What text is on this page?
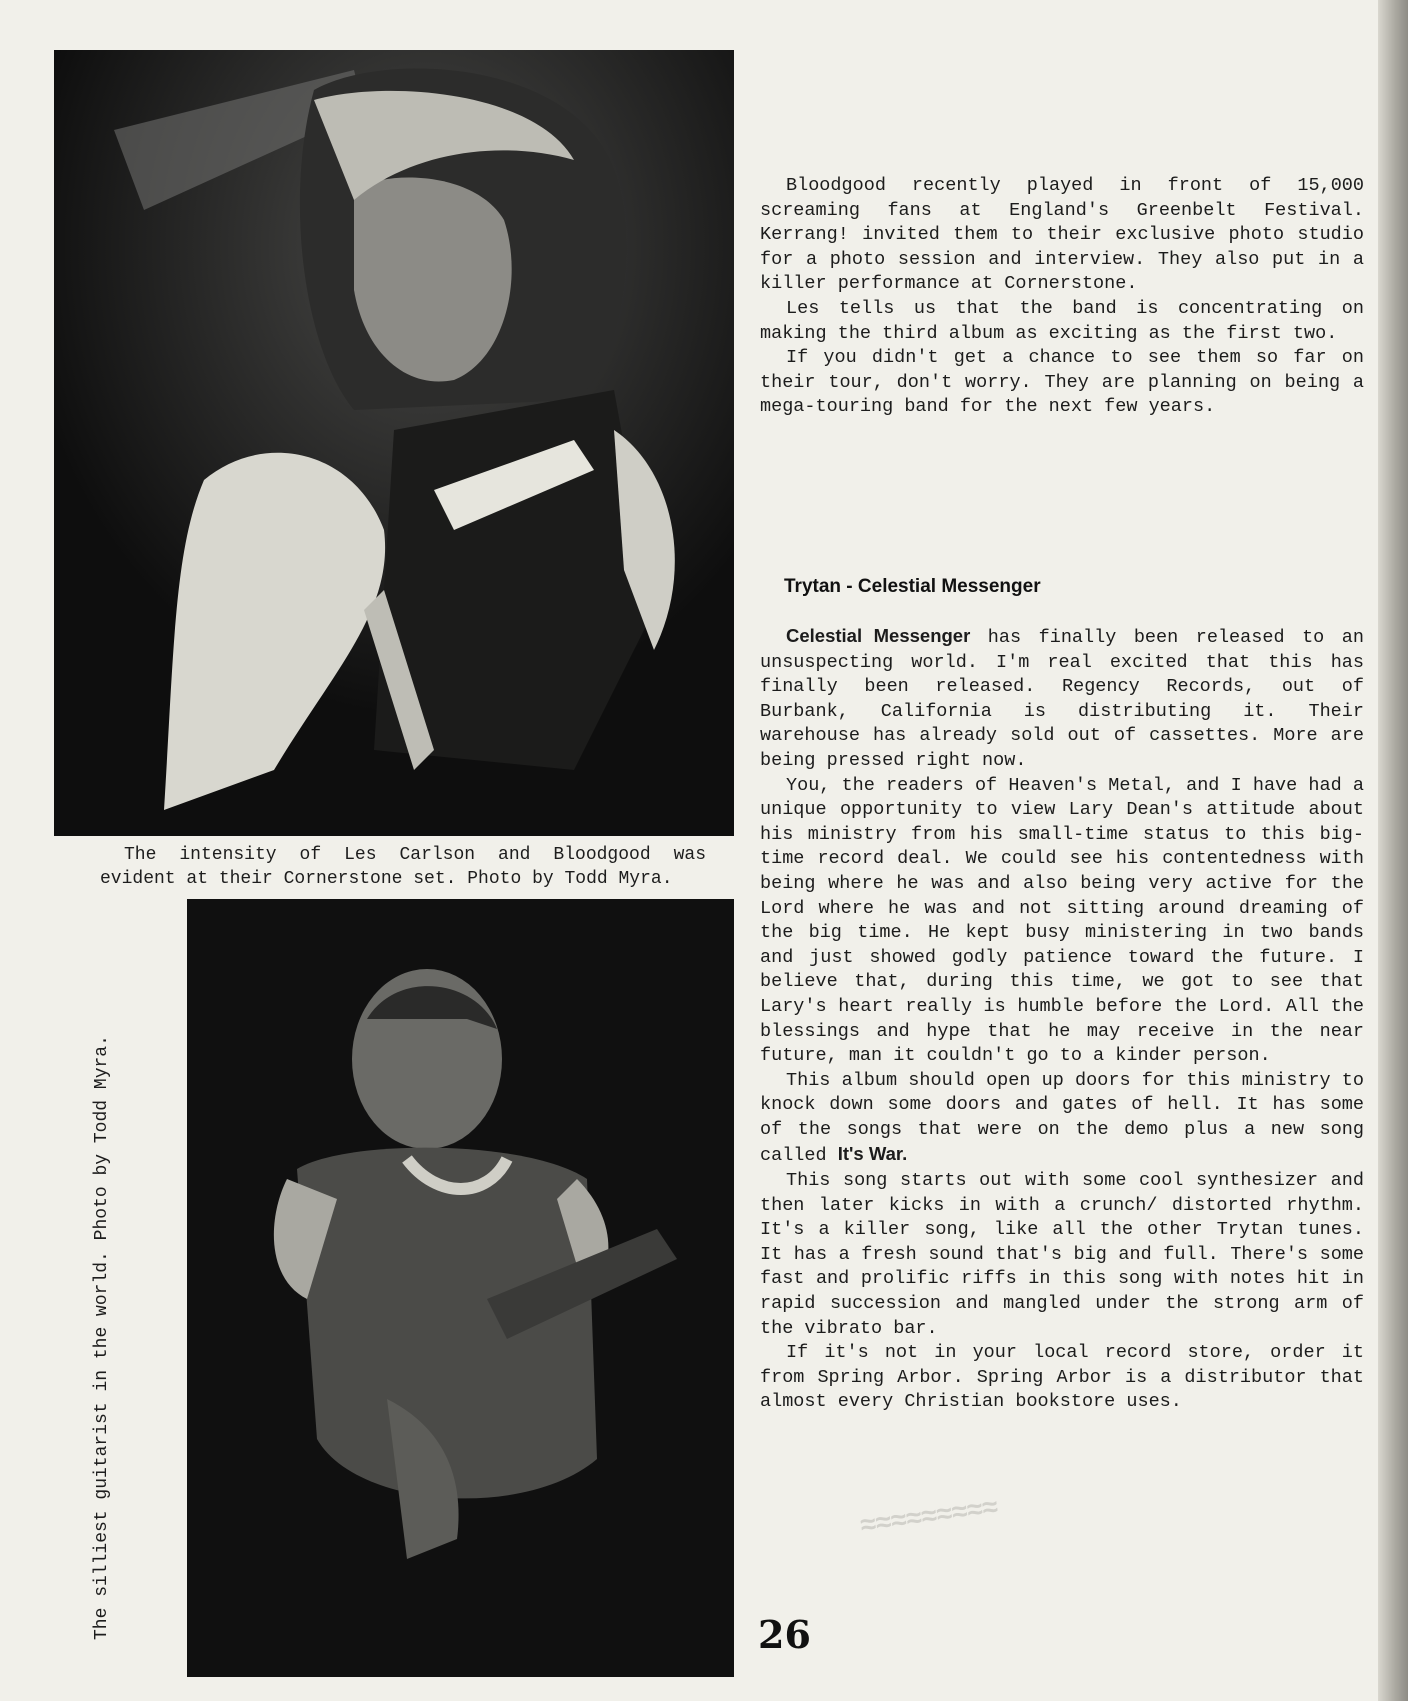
The intensity of Les Carlson and Bloodgood was evident at their Cornerstone set. Photo by Todd Myra.
The silliest guitarist in the world. Photo by Todd Myra.	≈≈≈≈≈≈≈≈≈

Bloodgood recently played in front of 15,000 screaming fans at England's Greenbelt Festival. Kerrang! invited them to their exclusive photo studio for a photo session and interview. They also put in a killer performance at Cornerstone.

Les tells us that the band is concentrating on making the third album as exciting as the first two.

If you didn't get a chance to see them so far on their tour, don't worry. They are planning on being a mega-touring band for the next few years.

Trytan - Celestial Messenger

Celestial Messenger has finally been released to an unsuspecting world. I'm real excited that this has finally been released. Regency Records, out of Burbank, California is distributing it. Their warehouse has already sold out of cassettes. More are being pressed right now.

You, the readers of Heaven's Metal, and I have had a unique opportunity to view Lary Dean's attitude about his ministry from his small-time status to this big-time record deal. We could see his contentedness with being where he was and also being very active for the Lord where he was and not sitting around dreaming of the big time. He kept busy ministering in two bands and just showed godly patience toward the future. I believe that, during this time, we got to see that Lary's heart really is humble before the Lord. All the blessings and hype that he may receive in the near future, man it couldn't go to a kinder person.

This album should open up doors for this ministry to knock down some doors and gates of hell. It has some of the songs that were on the demo plus a new song called It's War.

This song starts out with some cool synthesizer and then later kicks in with a crunch/ distorted rhythm. It's a killer song, like all the other Trytan tunes. It has a fresh sound that's big and full. There's some fast and prolific riffs in this song with notes hit in rapid succession and mangled under the strong arm of the vibrato bar.

If it's not in your local record store, order it from Spring Arbor. Spring Arbor is a distributor that almost every Christian bookstore uses.

26
